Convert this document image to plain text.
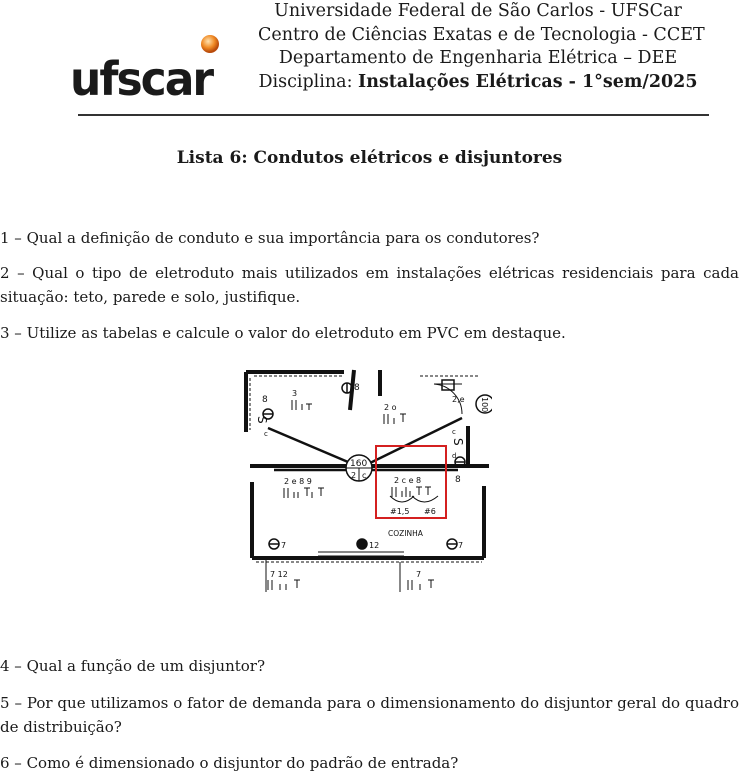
ufscar
Universidade Federal de São Carlos - UFSCar
Centro de Ciências Exatas e de Tecnologia - CCET
Departamento de Engenharia Elétrica – DEE
Disciplina: Instalações Elétricas - 1°sem/2025
Lista 6: Condutos elétricos e disjuntores
1 – Qual a definição de conduto e sua importância para os condutores?
2 – Qual o tipo de eletroduto mais utilizados em instalações elétricas residenciais para cada situação: teto, parede e solo, justifique.
3 – Utilize as tabelas e calcule o valor do eletroduto em PVC em destaque.
160
2 c
8
8
8
7	12	7
S
c
S
d
c
100
2,e
3
2 o
2 e 8 9	2 c e 8
#1,5 #6
COZINHA
7 12	7
4 – Qual a função de um disjuntor?
5 – Por que utilizamos o fator de demanda para o dimensionamento do disjuntor geral do quadro de distribuição?
6 – Como é dimensionado o disjuntor do padrão de entrada?
